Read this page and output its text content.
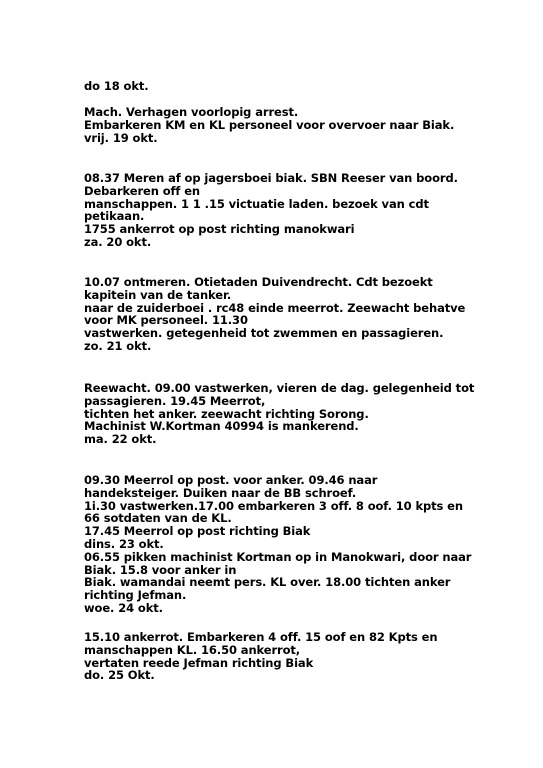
do 18 okt.
Mach. Verhagen voorlopig arrest.
Embarkeren KM en KL personeel voor overvoer naar Biak.
vrij. 19 okt.
08.37 Meren af op jagersboei biak. SBN Reeser van boord.
Debarkeren off en
manschappen. 1 1 .15 victuatie laden. bezoek van cdt
petikaan.
1755 ankerrot op post richting manokwari
za. 20 okt.
10.07 ontmeren. Otietaden Duivendrecht. Cdt bezoekt
kapitein van de tanker.
naar de zuiderboei . rc48 einde meerrot. Zeewacht behatve
voor MK personeel. 11.30
vastwerken. getegenheid tot zwemmen en passagieren.
zo. 21 okt.
Reewacht. 09.00 vastwerken, vieren de dag. gelegenheid tot
passagieren. 19.45 Meerrot,
tichten het anker. zeewacht richting Sorong.
Machinist W.Kortman 40994 is mankerend.
ma. 22 okt.
09.30 Meerrol op post. voor anker. 09.46 naar
handeksteiger. Duiken naar de BB schroef.
1i.30 vastwerken.17.00 embarkeren 3 off. 8 oof. 10 kpts en
66 sotdaten van de KL.
17.45 Meerrol op post richting Biak
dins. 23 okt.
06.55 pikken machinist Kortman op in Manokwari, door naar
Biak. 15.8 voor anker in
Biak. wamandai neemt pers. KL over. 18.00 tichten anker
richting Jefman.
woe. 24 okt.
15.10 ankerrot. Embarkeren 4 off. 15 oof en 82 Kpts en
manschappen KL. 16.50 ankerrot,
vertaten reede Jefman richting Biak
do. 25 Okt.
